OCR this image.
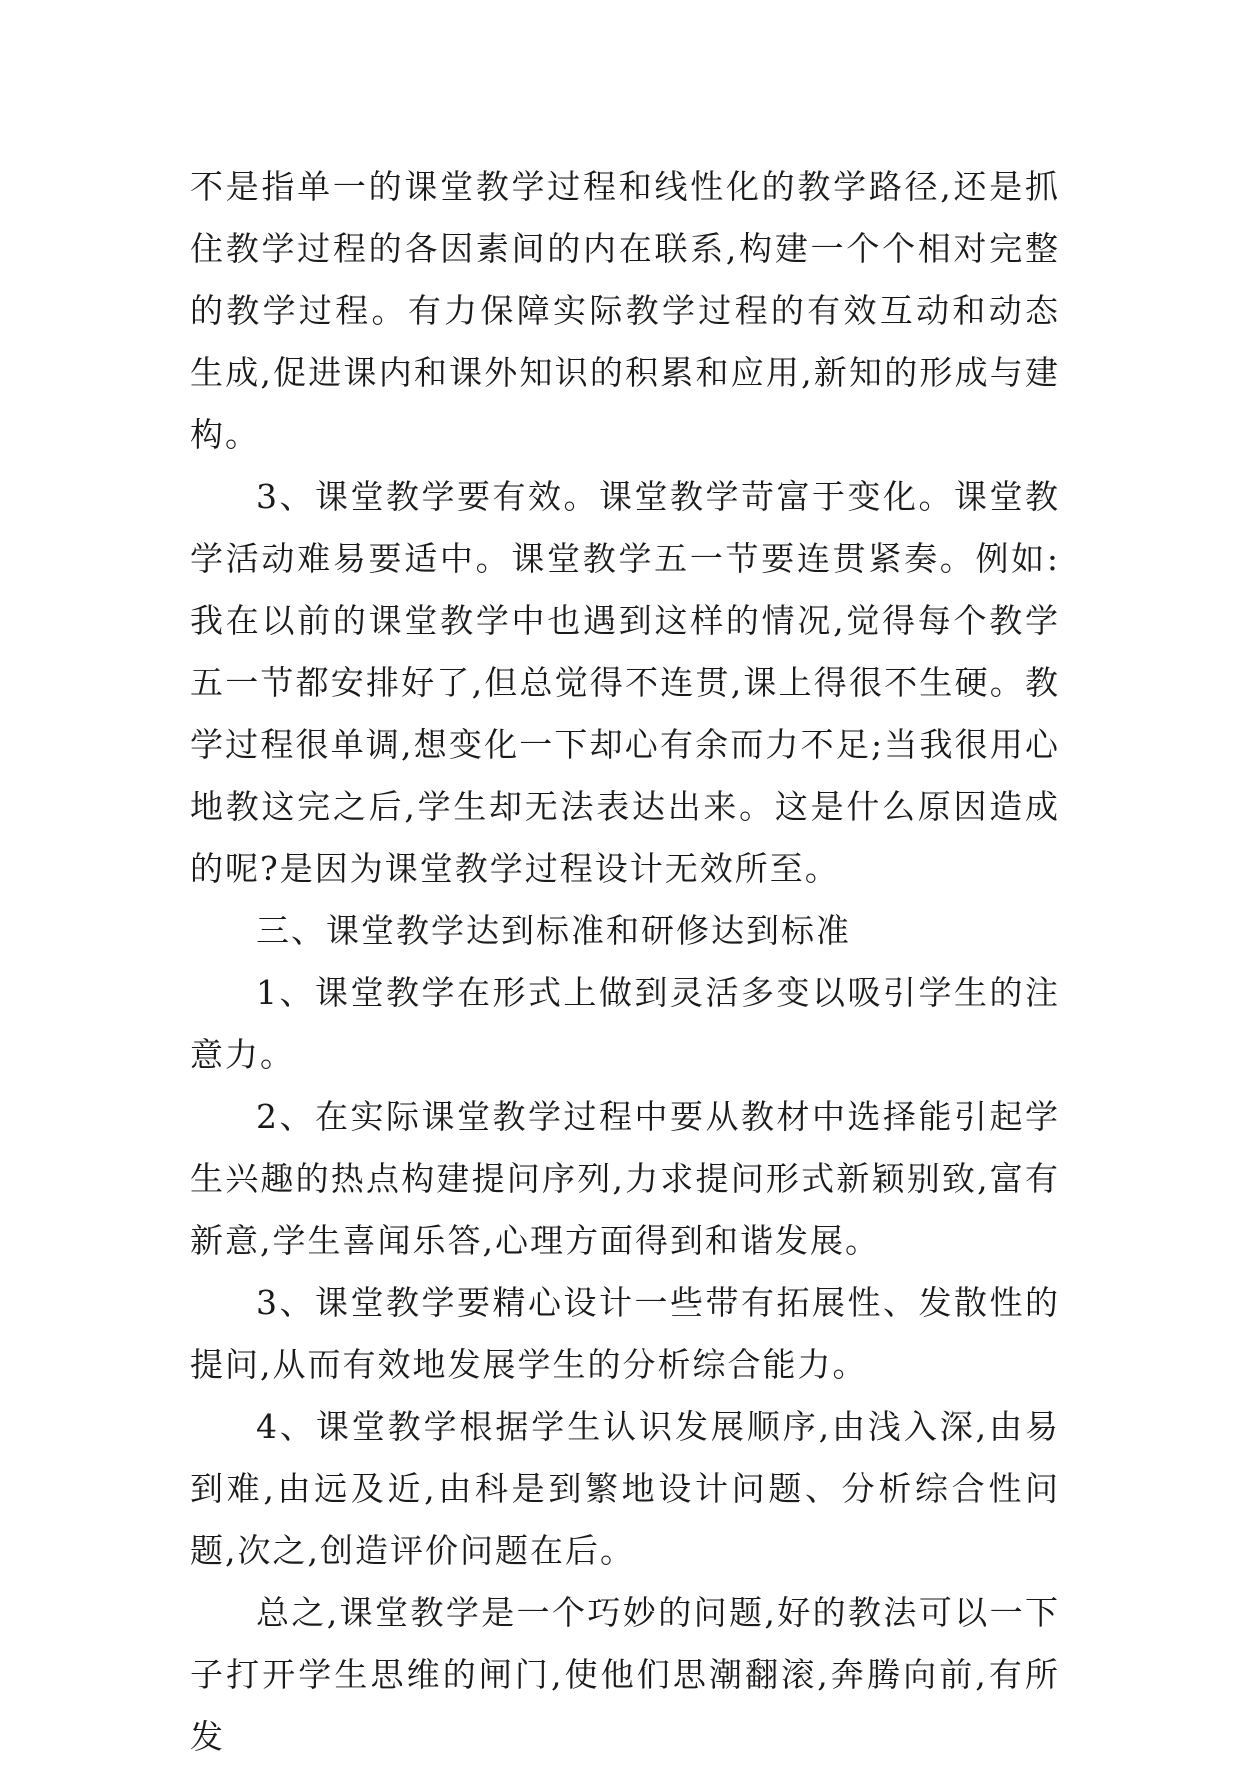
不是指单一的课堂教学过程和线性化的教学路径,还是抓住教学过程的各因素间的内在联系,构建一个个相对完整的教学过程。有力保障实际教学过程的有效互动和动态生成,促进课内和课外知识的积累和应用,新知的形成与建构。

3、课堂教学要有效。课堂教学苛富于变化。课堂教学活动难易要适中。课堂教学五一节要连贯紧奏。例如:我在以前的课堂教学中也遇到这样的情况,觉得每个教学五一节都安排好了,但总觉得不连贯,课上得很不生硬。教学过程很单调,想变化一下却心有余而力不足;当我很用心地教这完之后,学生却无法表达出来。这是什么原因造成的呢?是因为课堂教学过程设计无效所至。

三、课堂教学达到标准和研修达到标准

1、课堂教学在形式上做到灵活多变以吸引学生的注意力。

2、在实际课堂教学过程中要从教材中选择能引起学生兴趣的热点构建提问序列,力求提问形式新颖别致,富有新意,学生喜闻乐答,心理方面得到和谐发展。

3、课堂教学要精心设计一些带有拓展性、发散性的提问,从而有效地发展学生的分析综合能力。

4、课堂教学根据学生认识发展顺序,由浅入深,由易到难,由远及近,由科是到繁地设计问题、分析综合性问题,次之,创造评价问题在后。

总之,课堂教学是一个巧妙的问题,好的教法可以一下子打开学生思维的闸门,使他们思潮翻滚,奔腾向前,有所发
